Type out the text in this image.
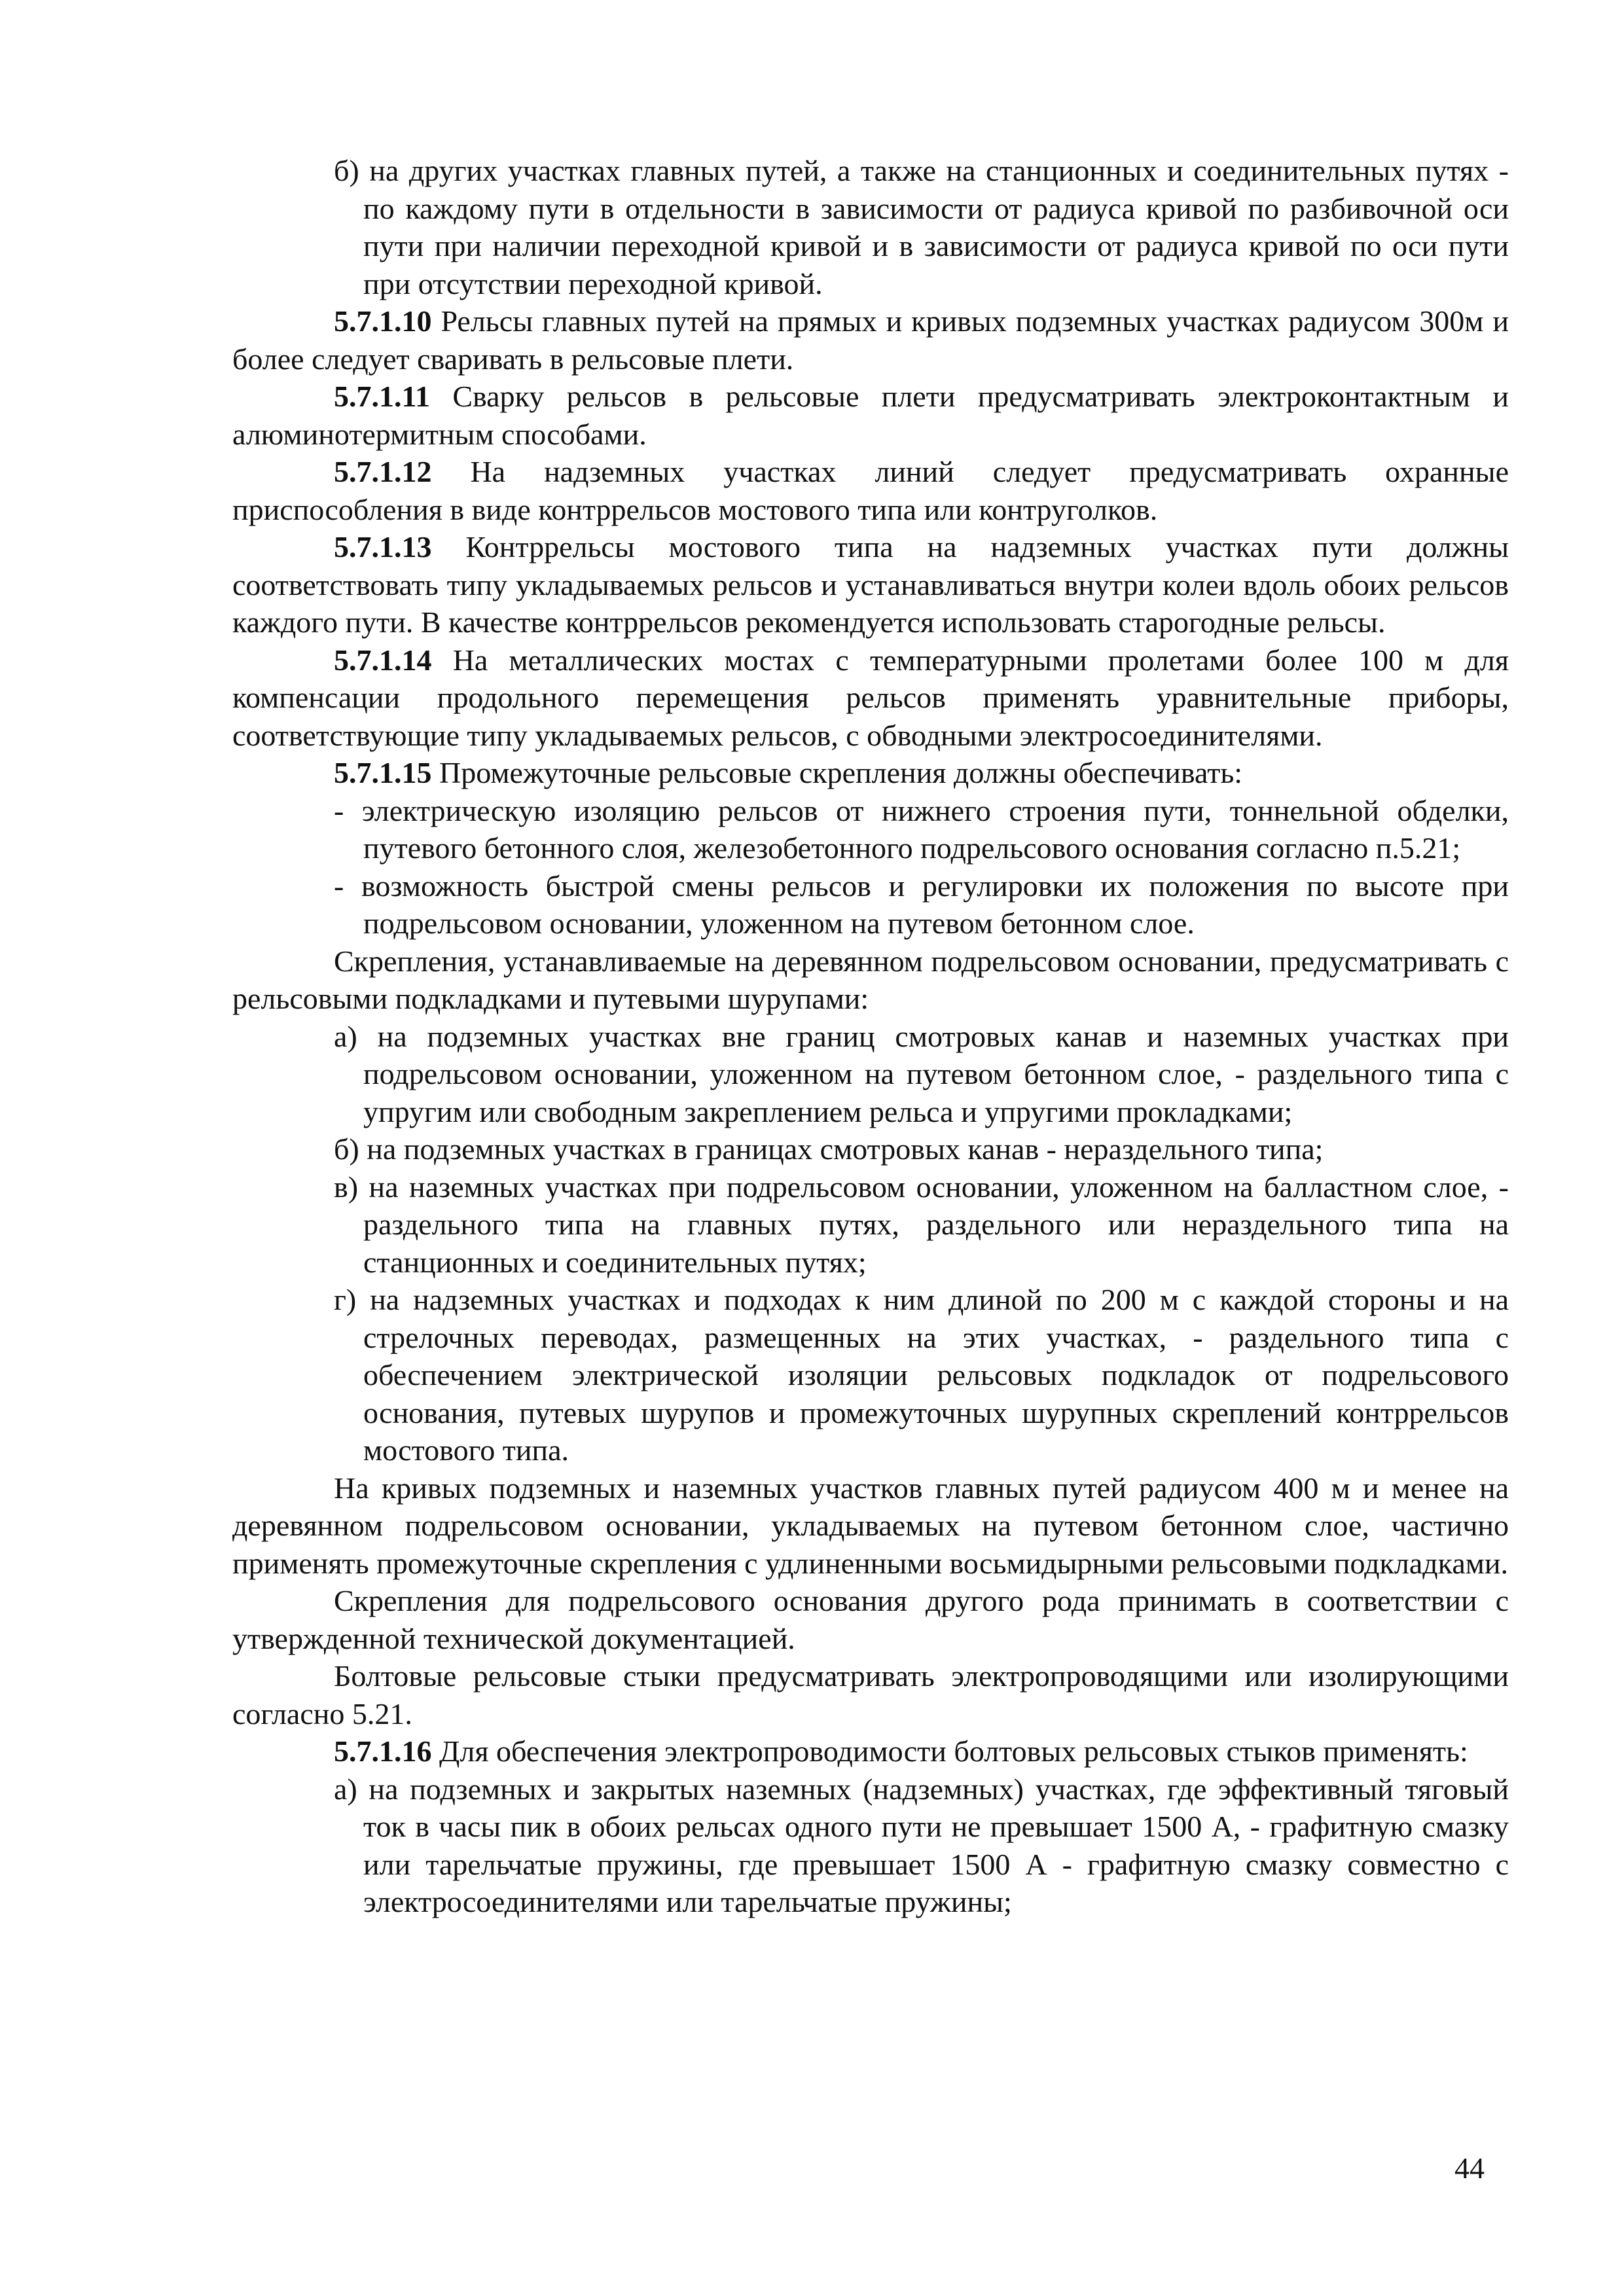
б) на других участках главных путей, а также на станционных и соединительных путях - по каждому пути в отдельности в зависимости от радиуса кривой по разбивочной оси пути при наличии переходной кривой и в зависимости от радиуса кривой по оси пути при отсутствии переходной кривой.

5.7.1.10 Рельсы главных путей на прямых и кривых подземных участках радиусом 300м и более следует сваривать в рельсовые плети.

5.7.1.11 Сварку рельсов в рельсовые плети предусматривать электроконтактным и алюминотермитным способами.

5.7.1.12 На надземных участках линий следует предусматривать охранные приспособления в виде контррельсов мостового типа или контруголков.

5.7.1.13 Контррельсы мостового типа на надземных участках пути должны соответствовать типу укладываемых рельсов и устанавливаться внутри колеи вдоль обоих рельсов каждого пути. В качестве контррельсов рекомендуется использовать старогодные рельсы.

5.7.1.14 На металлических мостах с температурными пролетами более 100 м для компенсации продольного перемещения рельсов применять уравнительные приборы, соответствующие типу укладываемых рельсов, с обводными электросоединителями.

5.7.1.15 Промежуточные рельсовые скрепления должны обеспечивать:

- электрическую изоляцию рельсов от нижнего строения пути, тоннельной обделки, путевого бетонного слоя, железобетонного подрельсового основания согласно п.5.21;

- возможность быстрой смены рельсов и регулировки их положения по высоте при подрельсовом основании, уложенном на путевом бетонном слое.

Скрепления, устанавливаемые на деревянном подрельсовом основании, предусматривать с рельсовыми подкладками и путевыми шурупами:

а) на подземных участках вне границ смотровых канав и наземных участках при подрельсовом основании, уложенном на путевом бетонном слое, - раздельного типа с упругим или свободным закреплением рельса и упругими прокладками;

б) на подземных участках в границах смотровых канав - нераздельного типа;

в) на наземных участках при подрельсовом основании, уложенном на балластном слое, - раздельного типа на главных путях, раздельного или нераздельного типа на станционных и соединительных путях;

г) на надземных участках и подходах к ним длиной по 200 м с каждой стороны и на стрелочных переводах, размещенных на этих участках, - раздельного типа с обеспечением электрической изоляции рельсовых подкладок от подрельсового основания, путевых шурупов и промежуточных шурупных скреплений контррельсов мостового типа.

На кривых подземных и наземных участков главных путей радиусом 400 м и менее на деревянном подрельсовом основании, укладываемых на путевом бетонном слое, частично применять промежуточные скрепления с удлиненными восьмидырными рельсовыми подкладками.

Скрепления для подрельсового основания другого рода принимать в соответствии с утвержденной технической документацией.

Болтовые рельсовые стыки предусматривать электропроводящими или изолирующими согласно 5.21.

5.7.1.16 Для обеспечения электропроводимости болтовых рельсовых стыков применять:

а) на подземных и закрытых наземных (надземных) участках, где эффективный тяговый ток в часы пик в обоих рельсах одного пути не превышает 1500 А, - графитную смазку или тарельчатые пружины, где превышает 1500 А - графитную смазку совместно с электросоединителями или тарельчатые пружины;

44
